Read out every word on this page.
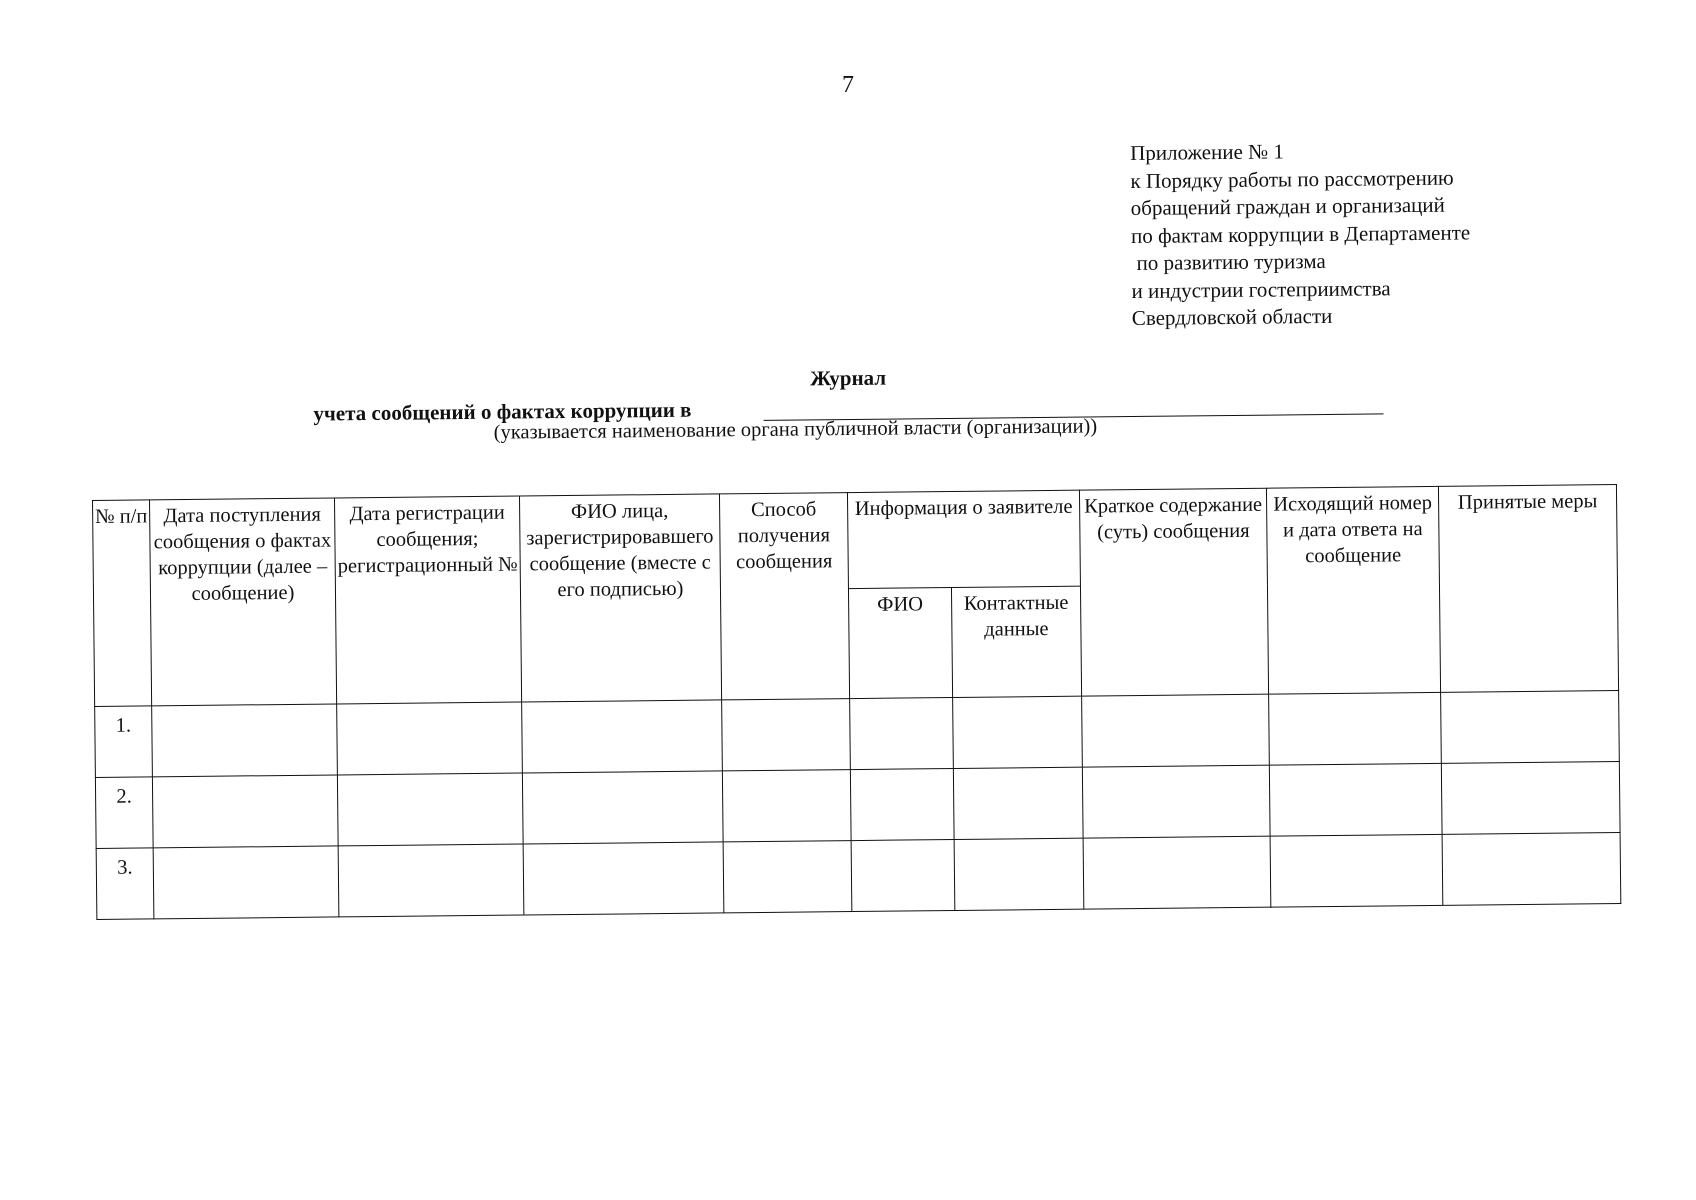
7
Приложение № 1
к Порядку работы по рассмотрению
обращений граждан и организаций
по фактам коррупции в Департаменте
по развитию туризма
и индустрии гостеприимства
Свердловской области
Журнал
учета сообщений о фактах коррупции в
(указывается наименование органа публичной власти (организации))
№ п/п	Дата поступления сообщения о фактах коррупции (далее – сообщение)	Дата регистрации сообщения; регистрационный №	ФИО лица, зарегистрировавшего сообщение (вместе с его подписью)	Способ получения сообщения	Информация о заявителе		Краткое содержание (суть) сообщения	Исходящий номер и дата ответа на сообщение	Принятые меры
					ФИО	Контактные данные			
1.									
2.									
3.									
